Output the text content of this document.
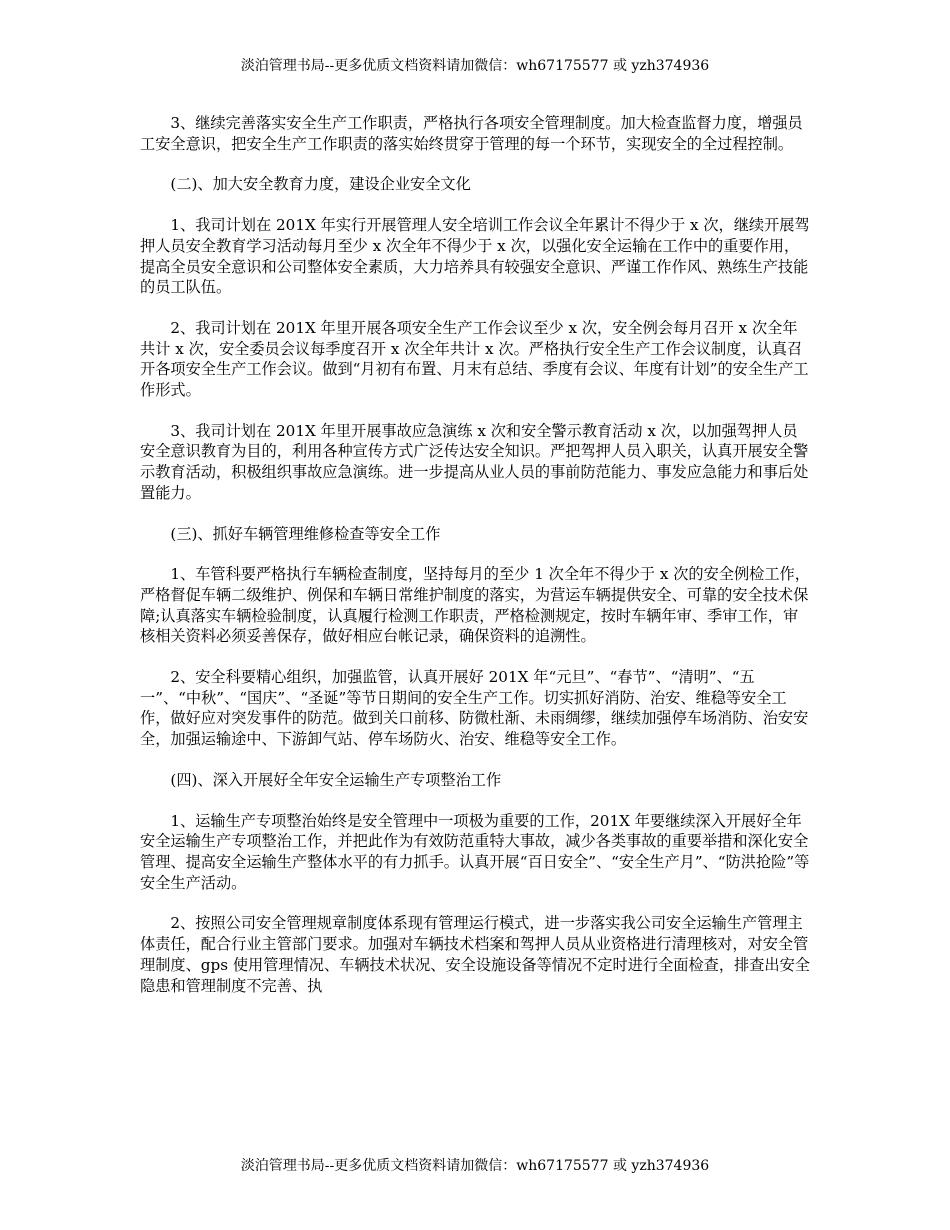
淡泊管理书局--更多优质文档资料请加微信：wh67175577 或 yzh374936

3、继续完善落实安全生产工作职责，严格执行各项安全管理制度。加大检查监督力度，增强员工安全意识，把安全生产工作职责的落实始终贯穿于管理的每一个环节，实现安全的全过程控制。

(二)、加大安全教育力度，建设企业安全文化

1、我司计划在 201X 年实行开展管理人安全培训工作会议全年累计不得少于 x 次，继续开展驾押人员安全教育学习活动每月至少 x 次全年不得少于 x 次，以强化安全运输在工作中的重要作用，提高全员安全意识和公司整体安全素质，大力培养具有较强安全意识、严谨工作作风、熟练生产技能的员工队伍。

2、我司计划在 201X 年里开展各项安全生产工作会议至少 x 次，安全例会每月召开 x 次全年共计 x 次，安全委员会议每季度召开 x 次全年共计 x 次。严格执行安全生产工作会议制度，认真召开各项安全生产工作会议。做到“月初有布置、月末有总结、季度有会议、年度有计划”的安全生产工作形式。

3、我司计划在 201X 年里开展事故应急演练 x 次和安全警示教育活动 x 次，以加强驾押人员安全意识教育为目的，利用各种宣传方式广泛传达安全知识。严把驾押人员入职关，认真开展安全警示教育活动，积极组织事故应急演练。进一步提高从业人员的事前防范能力、事发应急能力和事后处置能力。

(三)、抓好车辆管理维修检查等安全工作

1、车管科要严格执行车辆检查制度，坚持每月的至少 1 次全年不得少于 x 次的安全例检工作，严格督促车辆二级维护、例保和车辆日常维护制度的落实，为营运车辆提供安全、可靠的安全技术保障;认真落实车辆检验制度，认真履行检测工作职责，严格检测规定，按时车辆年审、季审工作，审核相关资料必须妥善保存，做好相应台帐记录，确保资料的追溯性。

2、安全科要精心组织，加强监管，认真开展好 201X 年“元旦”、“春节”、“清明”、“五一”、“中秋”、“国庆”、“圣诞”等节日期间的安全生产工作。切实抓好消防、治安、维稳等安全工作，做好应对突发事件的防范。做到关口前移、防微杜渐、未雨绸缪，继续加强停车场消防、治安安全，加强运输途中、下游卸气站、停车场防火、治安、维稳等安全工作。

(四)、深入开展好全年安全运输生产专项整治工作

1、运输生产专项整治始终是安全管理中一项极为重要的工作，201X 年要继续深入开展好全年安全运输生产专项整治工作，并把此作为有效防范重特大事故，减少各类事故的重要举措和深化安全管理、提高安全运输生产整体水平的有力抓手。认真开展“百日安全”、“安全生产月”、“防洪抢险”等安全生产活动。

2、按照公司安全管理规章制度体系现有管理运行模式，进一步落实我公司安全运输生产管理主体责任，配合行业主管部门要求。加强对车辆技术档案和驾押人员从业资格进行清理核对，对安全管理制度、gps 使用管理情况、车辆技术状况、安全设施设备等情况不定时进行全面检查，排查出安全隐患和管理制度不完善、执

淡泊管理书局--更多优质文档资料请加微信：wh67175577 或 yzh374936
